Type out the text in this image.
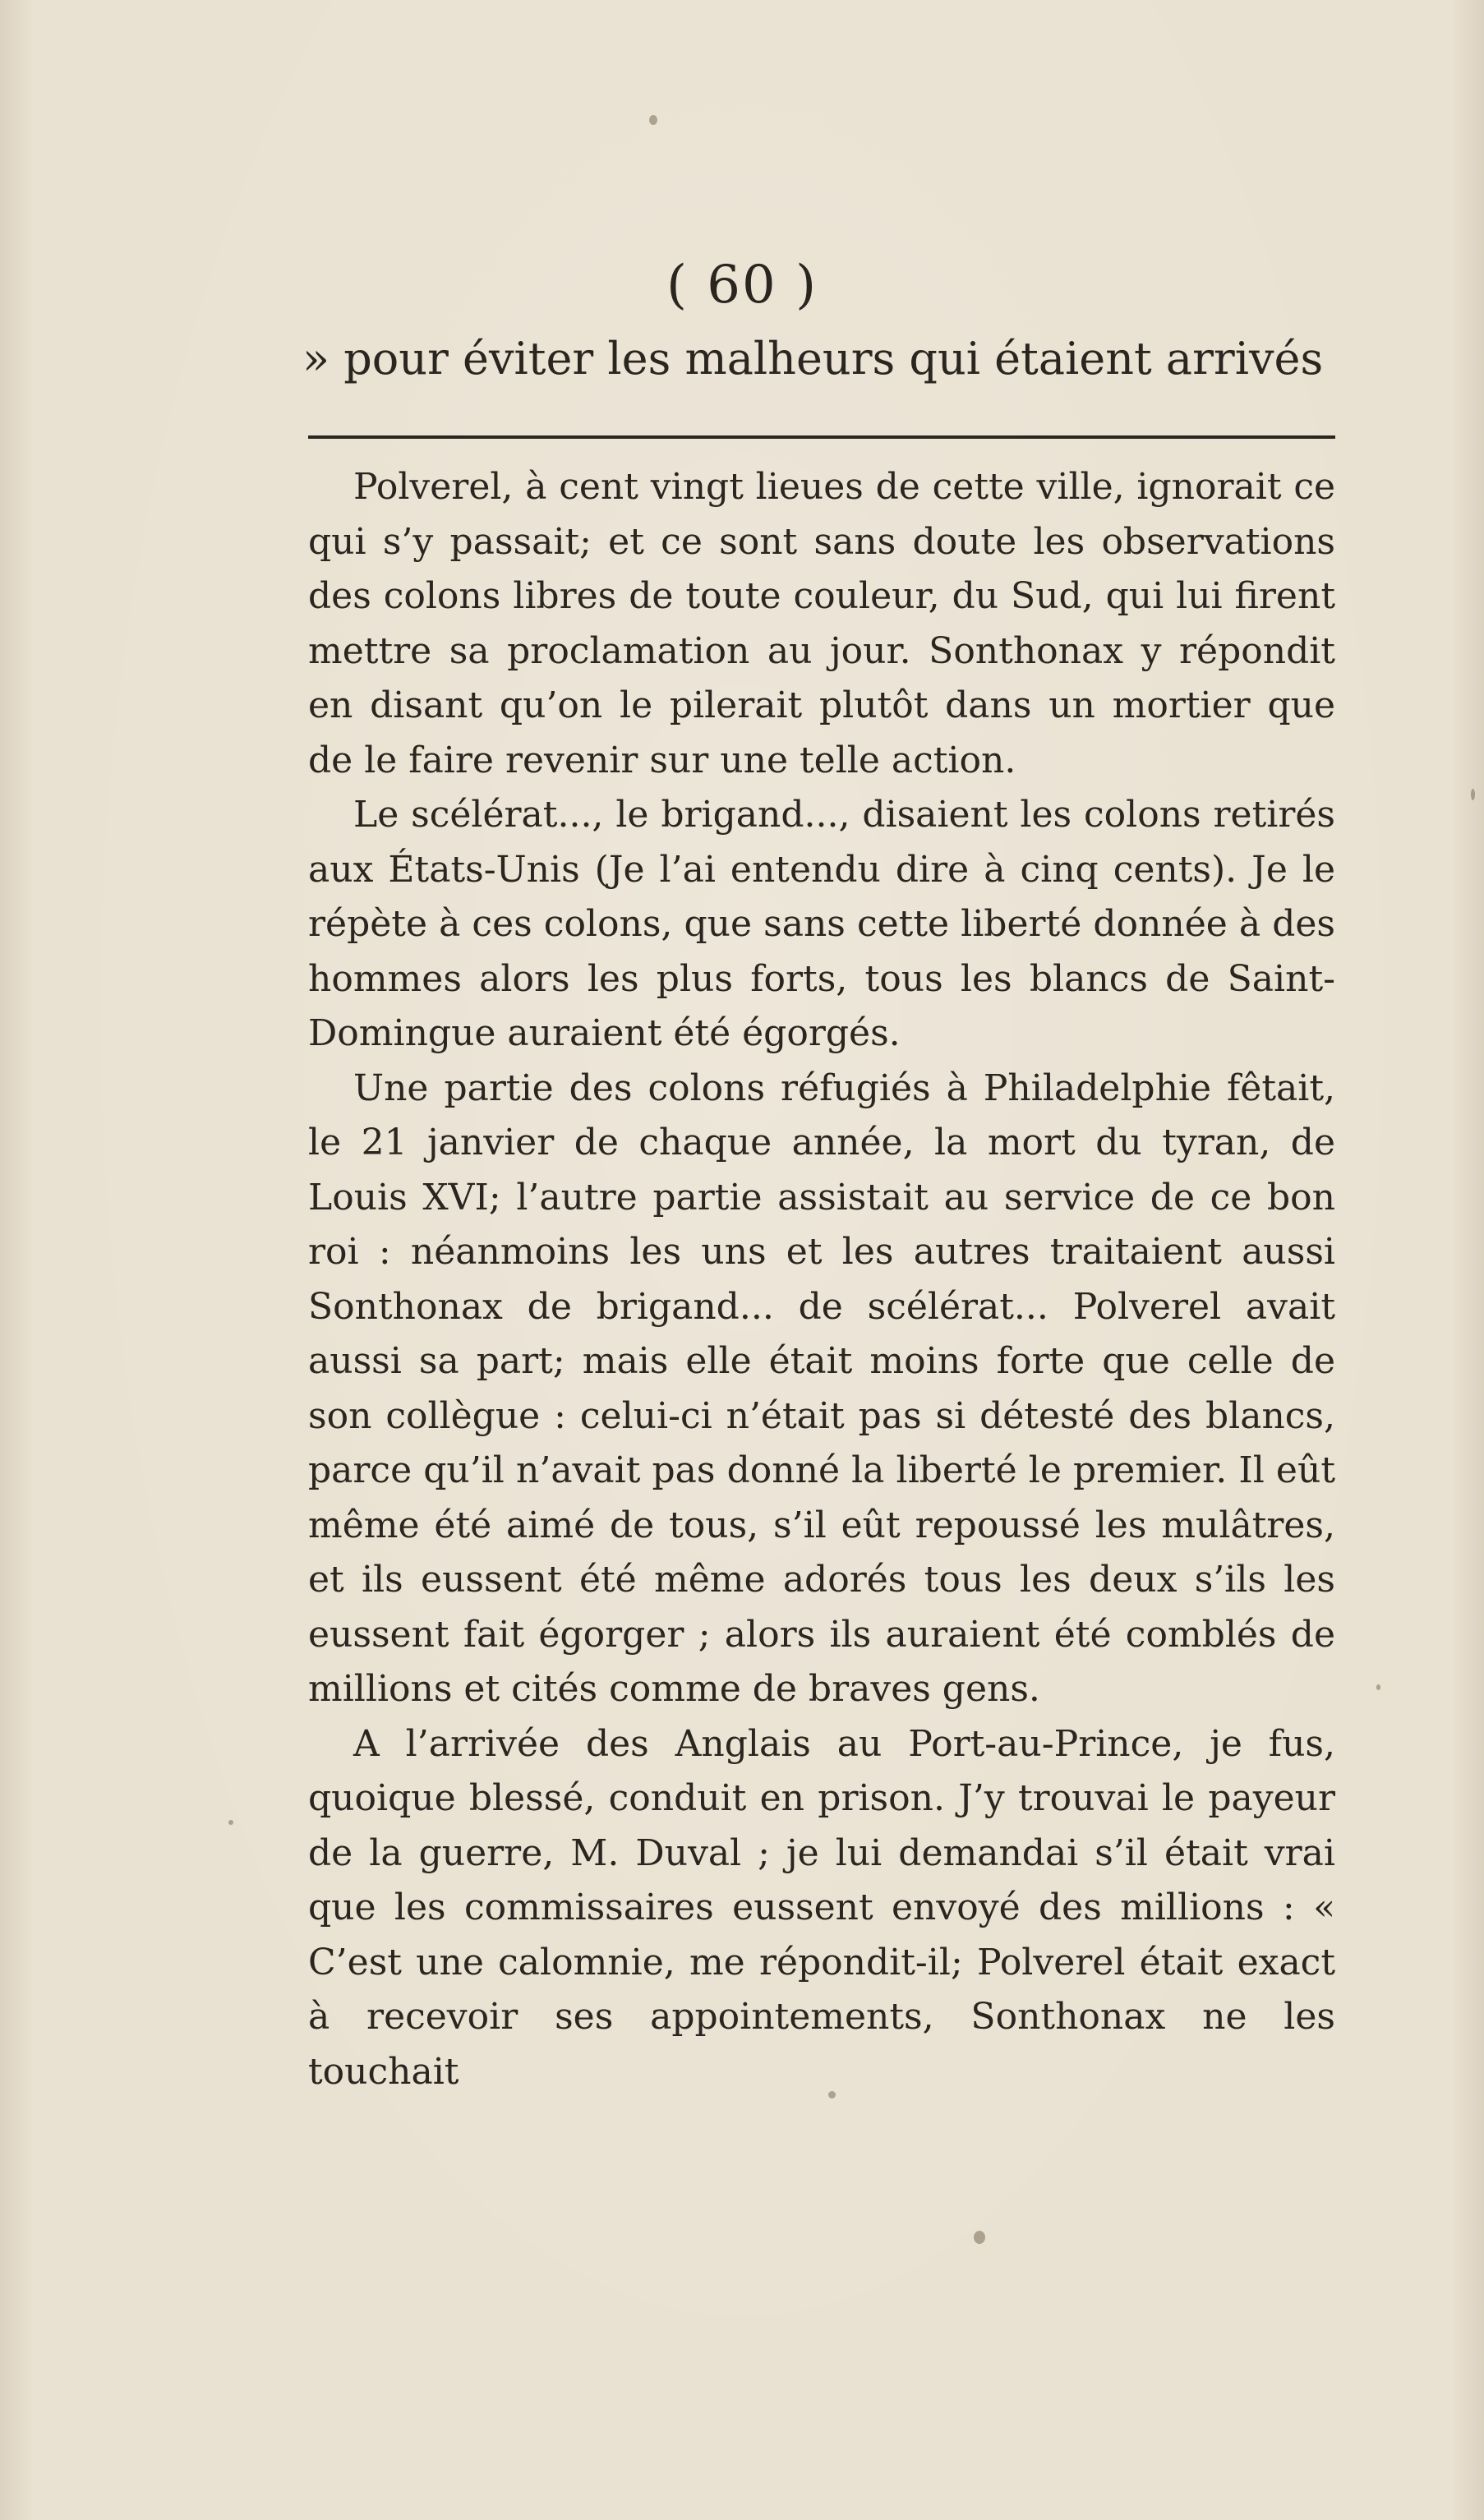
( 60 )
» pour éviter les malheurs qui étaient arrivés

Polverel, à cent vingt lieues de cette ville, ignorait ce qui s’y passait; et ce sont sans doute les observations des colons libres de toute couleur, du Sud, qui lui firent mettre sa proclamation au jour. Sonthonax y répondit en disant qu’on le pilerait plutôt dans un mortier que de le faire revenir sur une telle action.

Le scélérat..., le brigand..., disaient les colons retirés aux États-Unis (Je l’ai entendu dire à cinq cents). Je le répète à ces colons, que sans cette liberté donnée à des hommes alors les plus forts, tous les blancs de Saint-Domingue auraient été égorgés.

Une partie des colons réfugiés à Philadelphie fêtait, le 21 janvier de chaque année, la mort du tyran, de Louis XVI; l’autre partie assistait au service de ce bon roi : néanmoins les uns et les autres traitaient aussi Sonthonax de brigand... de scélérat... Polverel avait aussi sa part; mais elle était moins forte que celle de son collègue : celui-ci n’était pas si détesté des blancs, parce qu’il n’avait pas donné la liberté le premier. Il eût même été aimé de tous, s’il eût repoussé les mulâtres, et ils eussent été même adorés tous les deux s’ils les eussent fait égorger ; alors ils auraient été comblés de millions et cités comme de braves gens.

A l’arrivée des Anglais au Port-au-Prince, je fus, quoique blessé, conduit en prison. J’y trouvai le payeur de la guerre, M. Duval ; je lui demandai s’il était vrai que les commissaires eussent envoyé des millions : « C’est une calomnie, me répondit-il; Polverel était exact à recevoir ses appointements, Sonthonax ne les touchait
